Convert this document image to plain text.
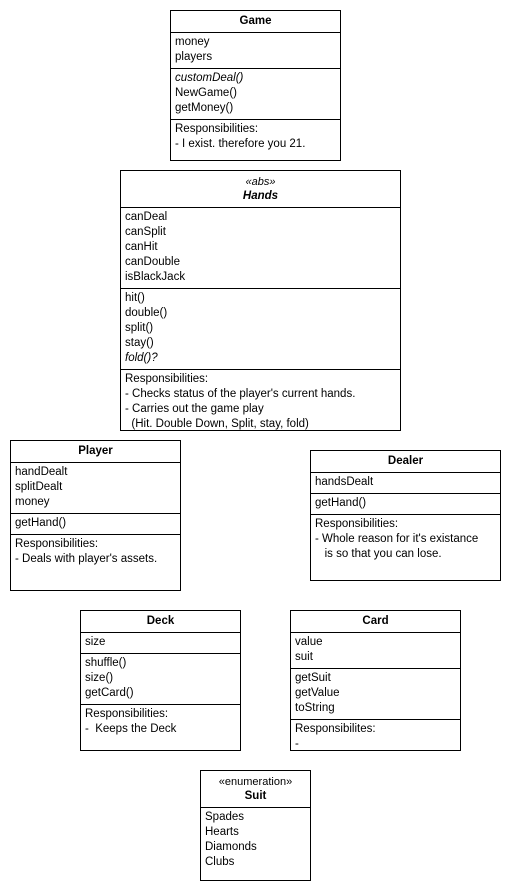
Game
money
players
customDeal()
NewGame()
getMoney()
Responsibilities:
- I exist. therefore you 21.
«abs»
Hands
canDeal
canSplit
canHit
canDouble
isBlackJack
hit()
double()
split()
stay()
fold()?
Responsibilities:
- Checks status of the player's current hands.
- Carries out the game play
(Hit. Double Down, Split, stay, fold)
Player
handDealt
splitDealt
money
getHand()
Responsibilities:
- Deals with player's assets.
Dealer
handsDealt
getHand()
Responsibilities:
- Whole reason for it's existance
is so that you can lose.
Deck
size
shuffle()
size()
getCard()
Responsibilities:
-  Keeps the Deck
Card
value
suit
getSuit
getValue
toString
Responsibilites:
-
«enumeration»
Suit
Spades
Hearts
Diamonds
Clubs
